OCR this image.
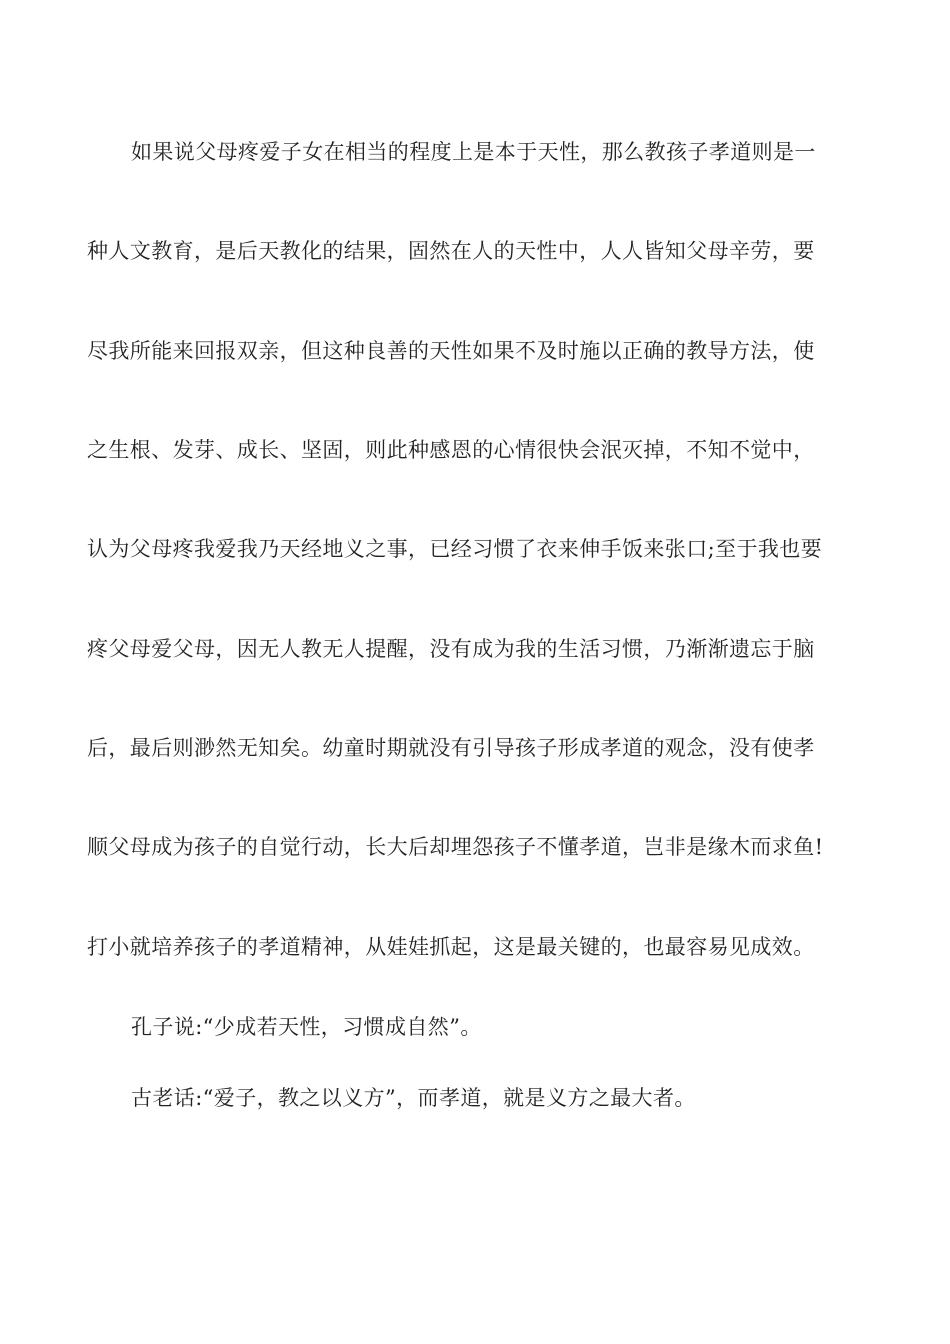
如果说父母疼爱子女在相当的程度上是本于天性，那么教孩子孝道则是一
种人文教育，是后天教化的结果，固然在人的天性中，人人皆知父母辛劳，要
尽我所能来回报双亲，但这种良善的天性如果不及时施以正确的教导方法，使
之生根、发芽、成长、坚固，则此种感恩的心情很快会泯灭掉，不知不觉中，
认为父母疼我爱我乃天经地义之事，已经习惯了衣来伸手饭来张口;至于我也要
疼父母爱父母，因无人教无人提醒，没有成为我的生活习惯，乃渐渐遗忘于脑
后，最后则渺然无知矣。幼童时期就没有引导孩子形成孝道的观念，没有使孝
顺父母成为孩子的自觉行动，长大后却埋怨孩子不懂孝道，岂非是缘木而求鱼!
打小就培养孩子的孝道精神，从娃娃抓起，这是最关键的，也最容易见成效。
孔子说:“少成若天性，习惯成自然”。
古老话:“爱子，教之以义方”，而孝道，就是义方之最大者。
